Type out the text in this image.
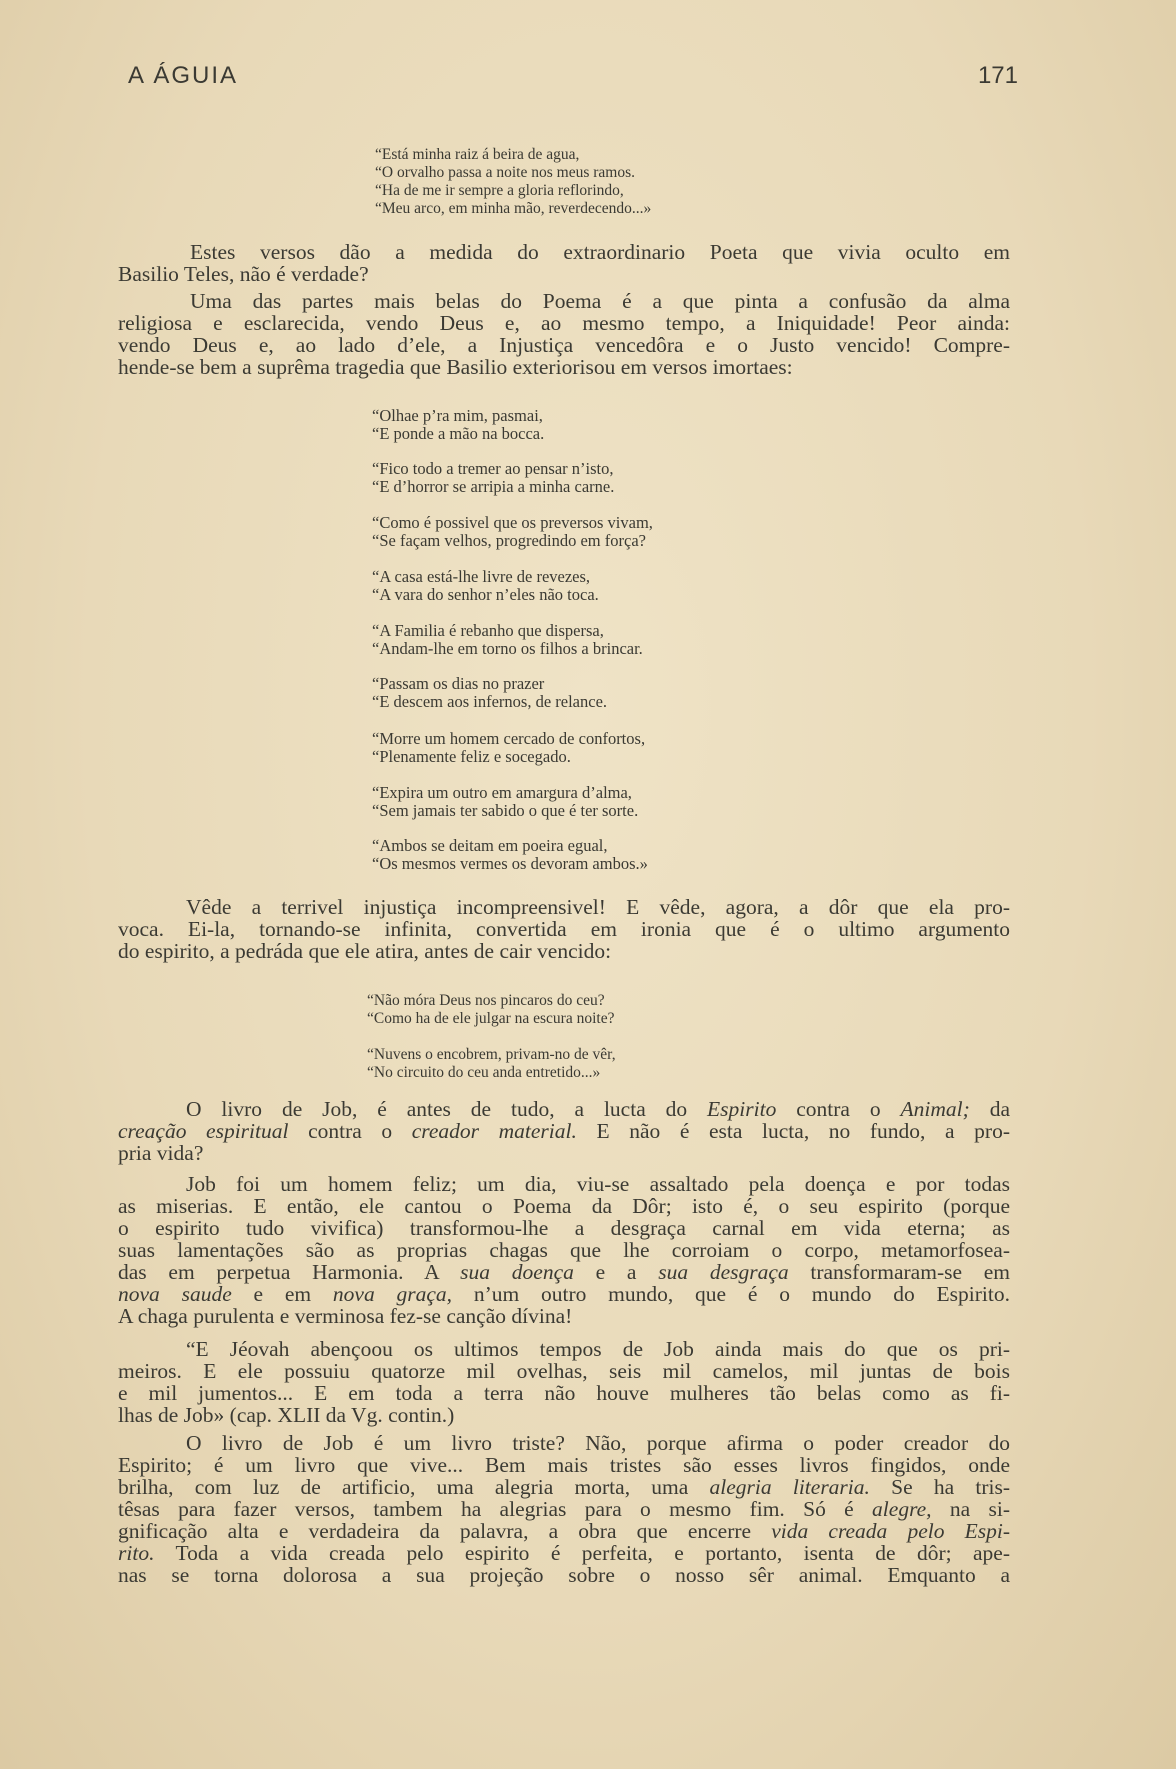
A ÁGUIA	171
“Está minha raiz á beira de agua,
“O orvalho passa a noite nos meus ramos.
“Ha de me ir sempre a gloria reflorindo,
“Meu arco, em minha mão, reverdecendo...»
Estes versos dão a medida do extraordinario Poeta que vivia oculto em
Basilio Teles, não é verdade?
Uma das partes mais belas do Poema é a que pinta a confusão da alma
religiosa e esclarecida, vendo Deus e, ao mesmo tempo, a Iniquidade! Peor ainda:
vendo Deus e, ao lado d’ele, a Injustiça vencedôra e o Justo vencido! Compre-
hende-se bem a suprêma tragedia que Basilio exteriorisou em versos imortaes:
“Olhae p’ra mim, pasmai,
“E ponde a mão na bocca.
“Fico todo a tremer ao pensar n’isto,
“E d’horror se arripia a minha carne.
“Como é possivel que os preversos vivam,
“Se façam velhos, progredindo em força?
“A casa está-lhe livre de revezes,
“A vara do senhor n’eles não toca.
“A Familia é rebanho que dispersa,
“Andam-lhe em torno os filhos a brincar.
“Passam os dias no prazer
“E descem aos infernos, de relance.
“Morre um homem cercado de confortos,
“Plenamente feliz e socegado.
“Expira um outro em amargura d’alma,
“Sem jamais ter sabido o que é ter sorte.
“Ambos se deitam em poeira egual,
“Os mesmos vermes os devoram ambos.»
Vêde a terrivel injustiça incompreensivel! E vêde, agora, a dôr que ela pro-
voca. Ei-la, tornando-se infinita, convertida em ironia que é o ultimo argumento
do espirito, a pedráda que ele atira, antes de cair vencido:
“Não móra Deus nos pincaros do ceu?
“Como ha de ele julgar na escura noite?
“Nuvens o encobrem, privam-no de vêr,
“No circuito do ceu anda entretido...»
O livro de Job, é antes de tudo, a lucta do Espirito contra o Animal; da
creação espiritual contra o creador material. E não é esta lucta, no fundo, a pro-
pria vida?
Job foi um homem feliz; um dia, viu-se assaltado pela doença e por todas
as miserias. E então, ele cantou o Poema da Dôr; isto é, o seu espirito (porque
o espirito tudo vivifica) transformou-lhe a desgraça carnal em vida eterna; as
suas lamentações são as proprias chagas que lhe corroiam o corpo, metamorfosea-
das em perpetua Harmonia. A sua doença e a sua desgraça transformaram-se em
nova saude e em nova graça, n’um outro mundo, que é o mundo do Espirito.
A chaga purulenta e verminosa fez-se canção dívina!
“E Jéovah abençoou os ultimos tempos de Job ainda mais do que os pri-
meiros. E ele possuiu quatorze mil ovelhas, seis mil camelos, mil juntas de bois
e mil jumentos... E em toda a terra não houve mulheres tão belas como as fi-
lhas de Job» (cap. XLII da Vg. contin.)
O livro de Job é um livro triste? Não, porque afirma o poder creador do
Espirito; é um livro que vive... Bem mais tristes são esses livros fingidos, onde
brilha, com luz de artificio, uma alegria morta, uma alegria literaria. Se ha tris-
têsas para fazer versos, tambem ha alegrias para o mesmo fim. Só é alegre, na si-
gnificação alta e verdadeira da palavra, a obra que encerre vida creada pelo Espi-
rito. Toda a vida creada pelo espirito é perfeita, e portanto, isenta de dôr; ape-
nas se torna dolorosa a sua projeção sobre o nosso sêr animal. Emquanto a
